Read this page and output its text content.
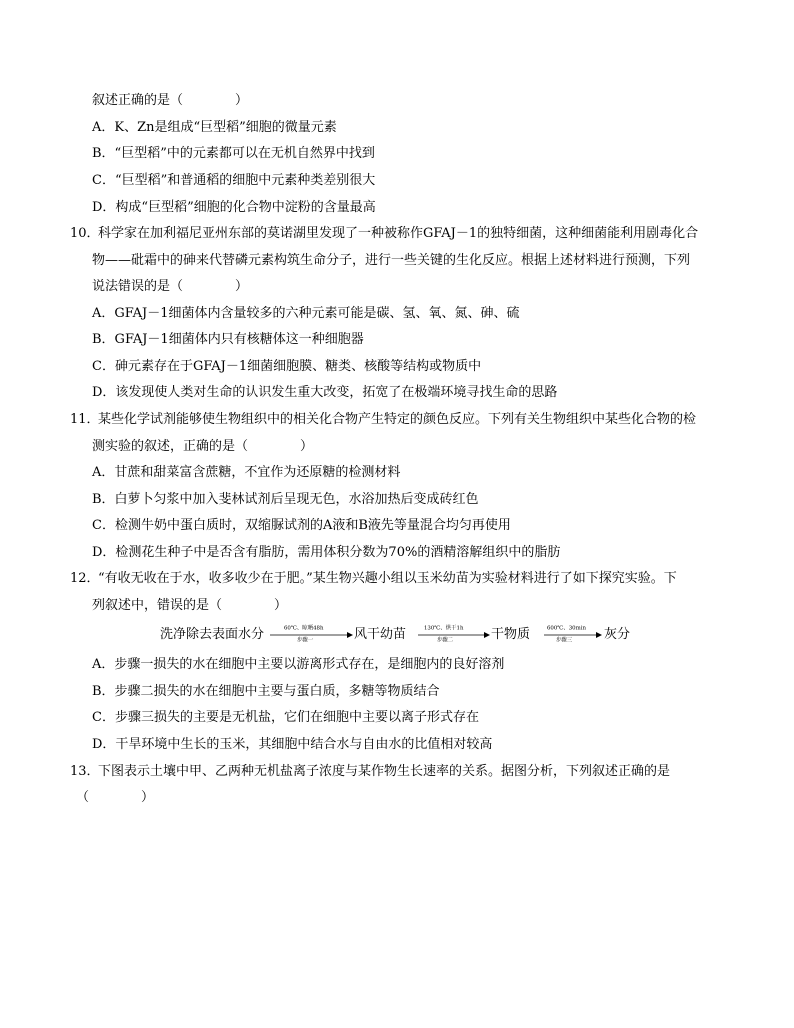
叙述正确的是（　　　　）
A．K、Zn是组成“巨型稻”细胞的微量元素
B．“巨型稻”中的元素都可以在无机自然界中找到
C．“巨型稻”和普通稻的细胞中元素种类差别很大
D．构成“巨型稻”细胞的化合物中淀粉的含量最高
10．
科学家在加利福尼亚州东部的莫诺湖里发现了一种被称作GFAJ－1的独特细菌，这种细菌能利用剧毒化合
物——砒霜中的砷来代替磷元素构筑生命分子，进行一些关键的生化反应。根据上述材料进行预测，下列
说法错误的是（　　　　）
A．GFAJ－1细菌体内含量较多的六种元素可能是碳、氢、氧、氮、砷、硫
B．GFAJ－1细菌体内只有核糖体这一种细胞器
C．砷元素存在于GFAJ－1细菌细胞膜、糖类、核酸等结构或物质中
D．该发现使人类对生命的认识发生重大改变，拓宽了在极端环境寻找生命的思路
11．
某些化学试剂能够使生物组织中的相关化合物产生特定的颜色反应。下列有关生物组织中某些化合物的检
测实验的叙述，正确的是（　　　　）
A．甘蔗和甜菜富含蔗糖，不宜作为还原糖的检测材料
B．白萝卜匀浆中加入斐林试剂后呈现无色，水浴加热后变成砖红色
C．检测牛奶中蛋白质时，双缩脲试剂的A液和B液先等量混合均匀再使用
D．检测花生种子中是否含有脂肪，需用体积分数为70%的酒精溶解组织中的脂肪
12．
“有收无收在于水，收多收少在于肥。”某生物兴趣小组以玉米幼苗为实验材料进行了如下探究实验。下
列叙述中，错误的是（　　　　）
洗净除去表面水分	60℃、晾晒48h
步骤一	风干幼苗	130℃、烘干1h
步骤二	干物质	600℃、30min
步骤三 灰分
A．步骤一损失的水在细胞中主要以游离形式存在，是细胞内的良好溶剂
B．步骤二损失的水在细胞中主要与蛋白质，多糖等物质结合
C．步骤三损失的主要是无机盐，它们在细胞中主要以离子形式存在
D．干旱环境中生长的玉米，其细胞中结合水与自由水的比值相对较高
13．
下图表示土壤中甲、乙两种无机盐离子浓度与某作物生长速率的关系。据图分析，下列叙述正确的是
（　　　　）
